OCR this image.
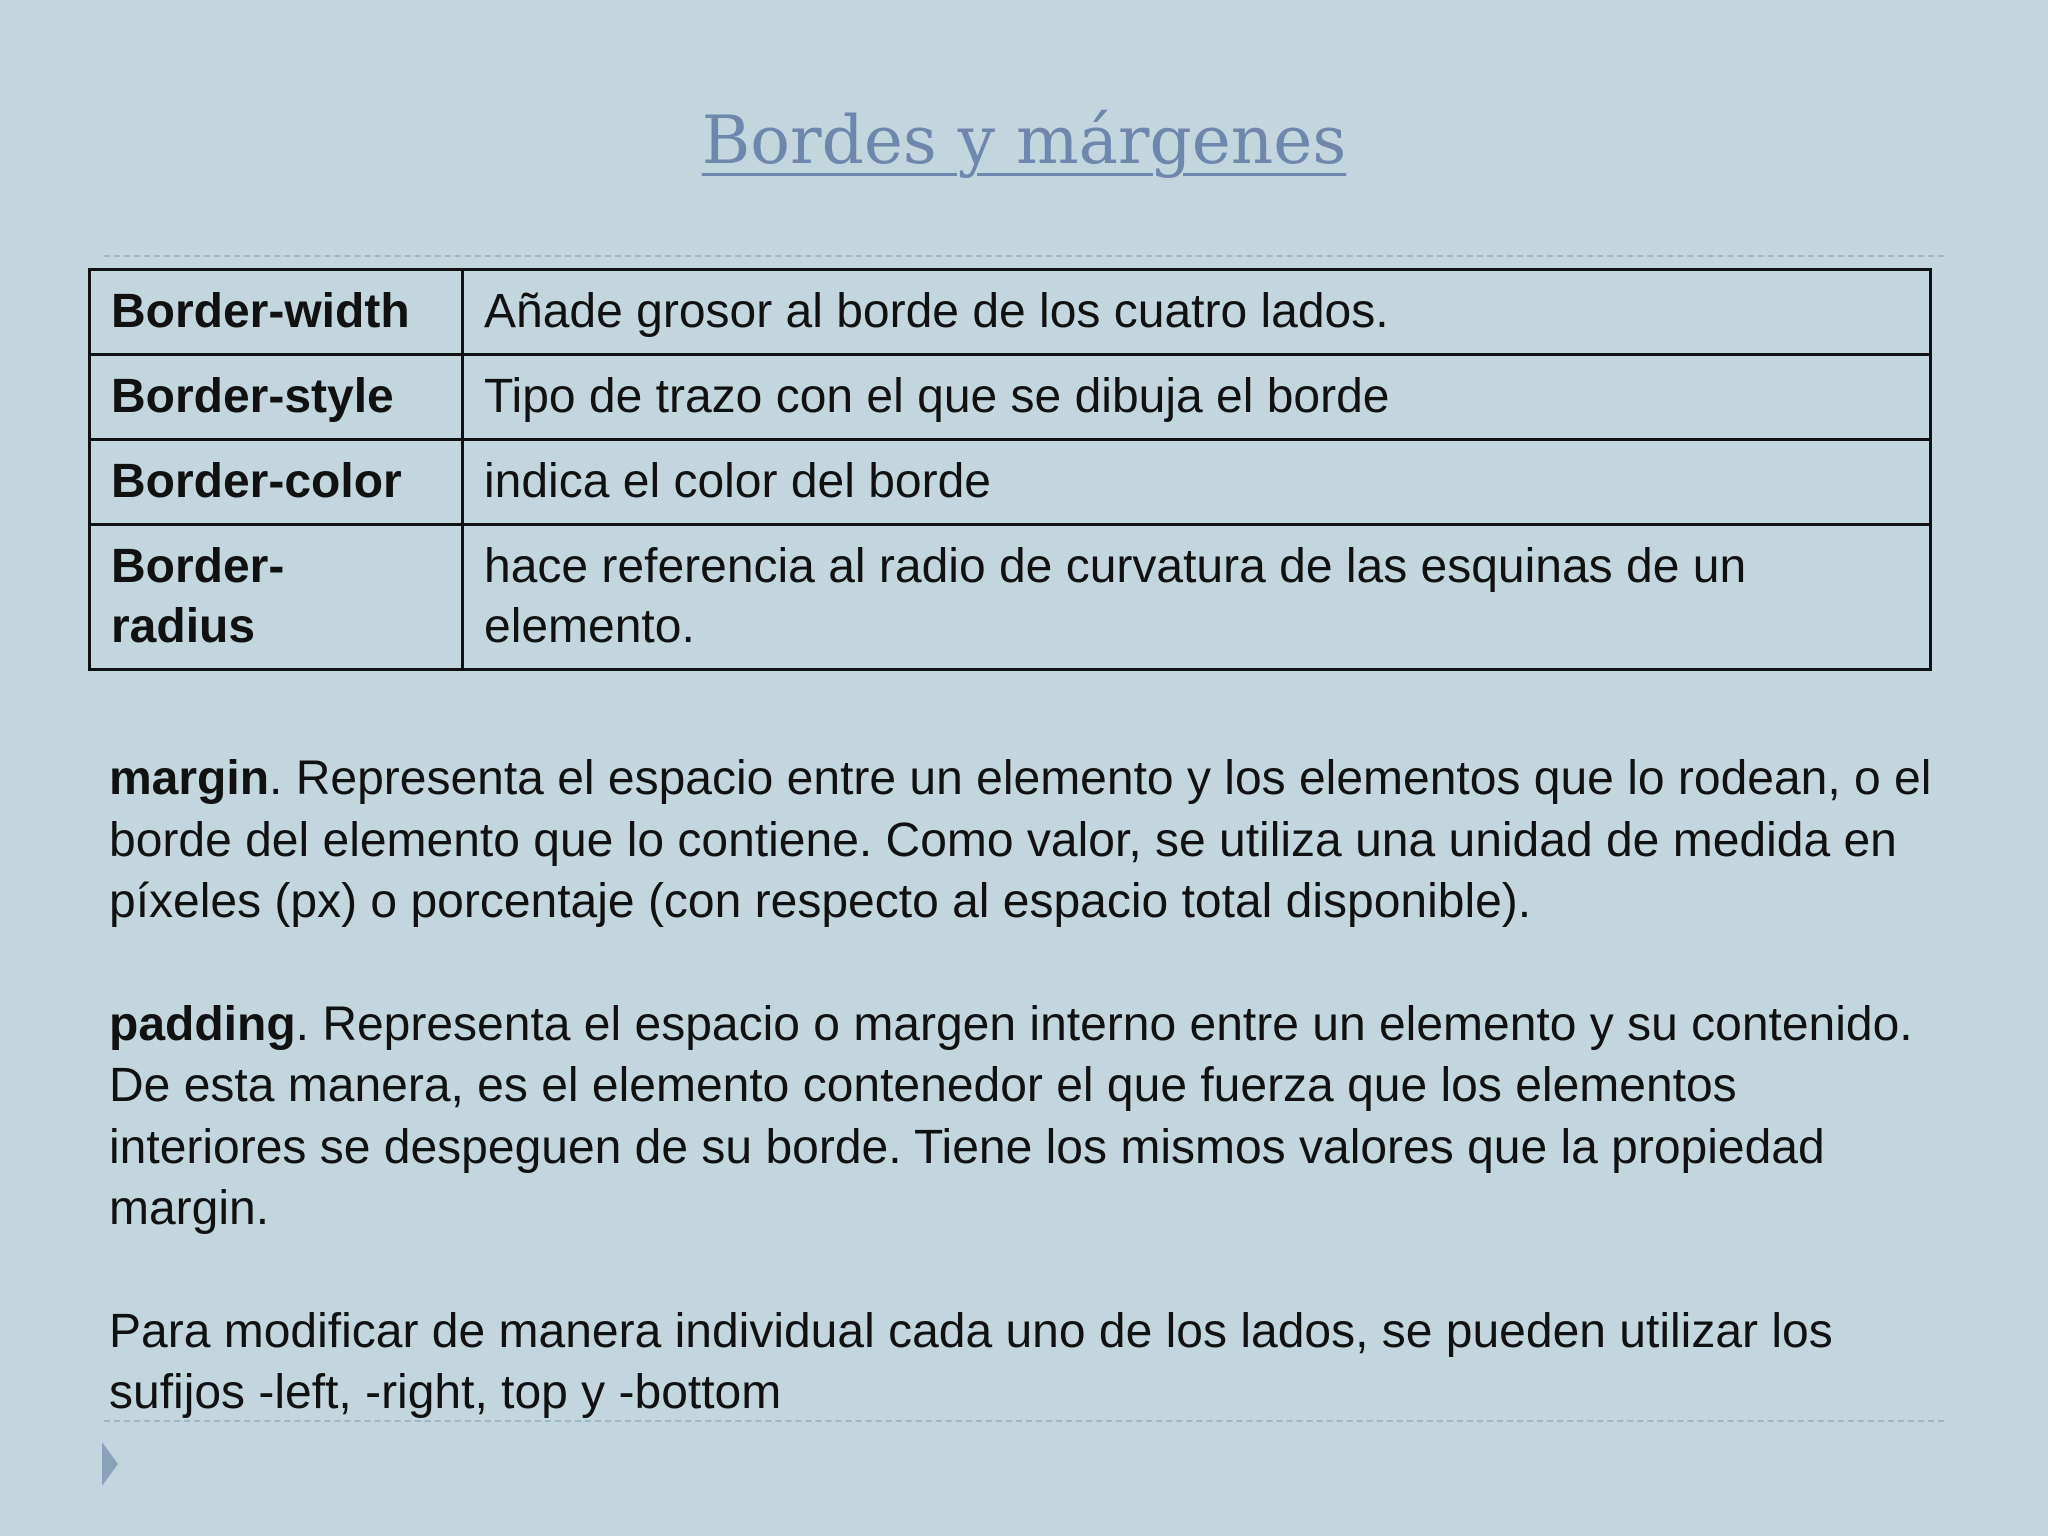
Bordes y márgenes
Border-width	Añade grosor al borde de los cuatro lados.
Border-style	Tipo de trazo con el que se dibuja el borde
Border-color	indica el color del borde
Border-
radius	hace referencia al radio de curvatura de las esquinas de un elemento.

margin. Representa el espacio entre un elemento y los elementos que lo rodean, o el borde del elemento que lo contiene. Como valor, se utiliza una unidad de medida en píxeles (px) o porcentaje (con respecto al espacio total disponible).

padding. Representa el espacio o margen interno entre un elemento y su contenido. De esta manera, es el elemento contenedor el que fuerza que los elementos interiores se despeguen de su borde. Tiene los mismos valores que la propiedad margin.

Para modificar de manera individual cada uno de los lados, se pueden utilizar lossufijos -left, -right, top y -bottom
